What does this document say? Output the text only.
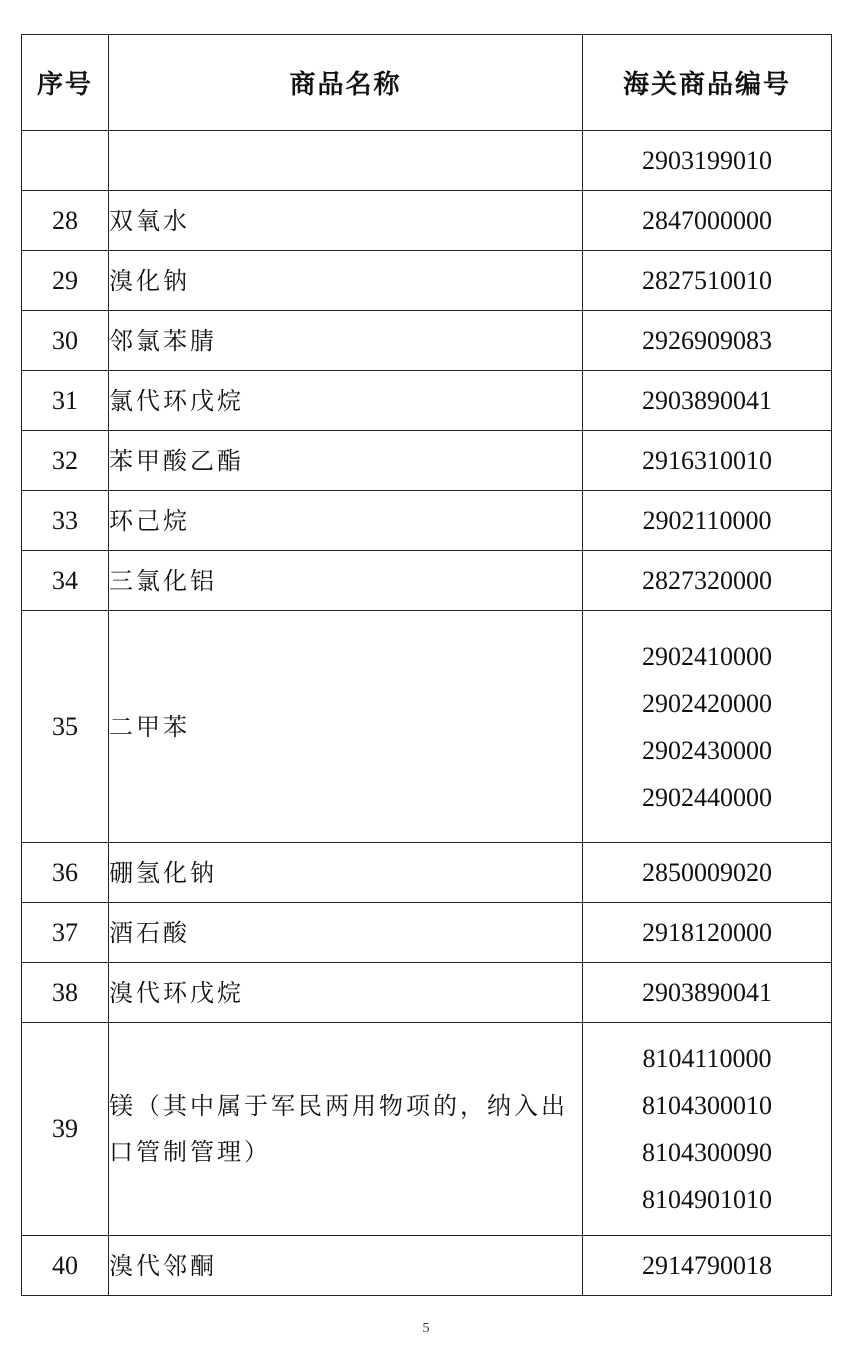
序号	商品名称	海关商品编号

		2903199010

28	双氧水	2847000000

29	溴化钠	2827510010

30	邻氯苯腈	2926909083

31	氯代环戊烷	2903890041

32	苯甲酸乙酯	2916310010

33	环己烷	2902110000

34	三氯化铝	2827320000

35	二甲苯	2902410000
2902420000
2902430000
2902440000

36	硼氢化钠	2850009020

37	酒石酸	2918120000

38	溴代环戊烷	2903890041

39	镁（其中属于军民两用物项的，纳入出口管制管理）	8104110000
8104300010
8104300090
8104901010

40	溴代邻酮	2914790018
5
